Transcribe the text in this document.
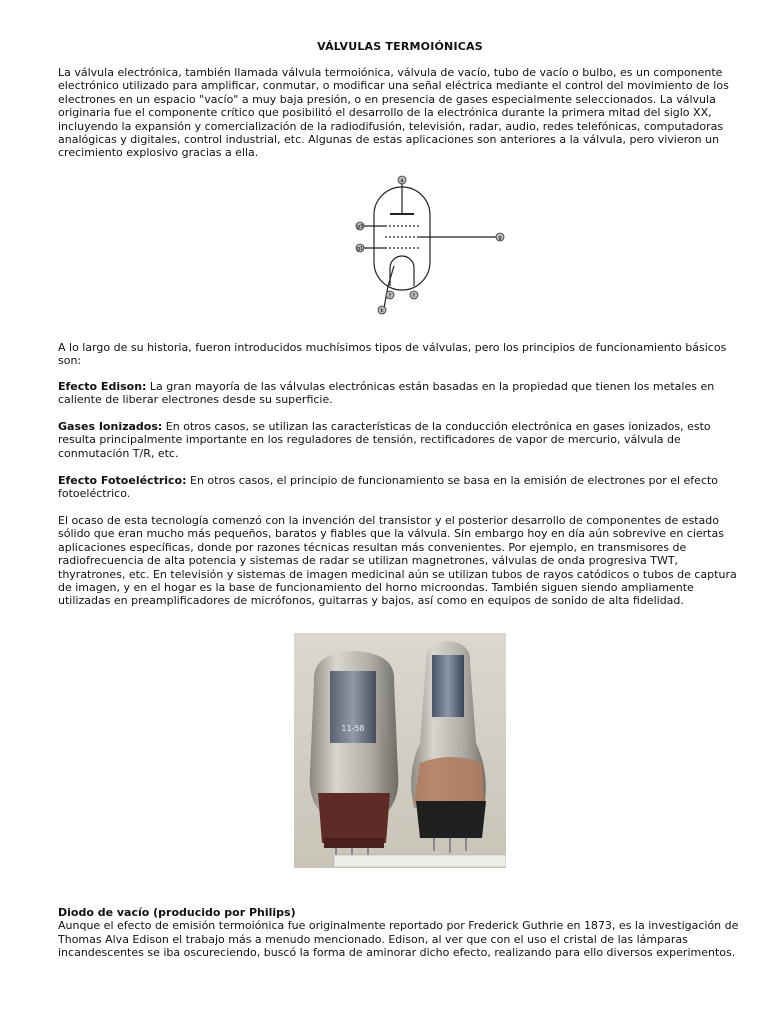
VÁLVULAS TERMOIÓNICAS

La válvula electrónica, también llamada válvula termoiónica, válvula de vacío, tubo de vacío o bulbo, es un componente electrónico utilizado para amplificar, conmutar, o modificar una señal eléctrica mediante el control del movimiento de los electrones en un espacio "vacío" a muy baja presión, o en presencia de gases especialmente seleccionados. La válvula originaria fue el componente crítico que posibilitó el desarrollo de la electrónica durante la primera mitad del siglo XX, incluyendo la expansión y comercialización de la radiodifusión, televisión, radar, audio, redes telefónicas, computadoras analógicas y digitales, control industrial, etc. Algunas de estas aplicaciones son anteriores a la válvula, pero vivieron un crecimiento explosivo gracias a ella.

a
g3
g1
g
f	f
k

A lo largo de su historia, fueron introducidos muchísimos tipos de válvulas, pero los principios de funcionamiento básicos son:

Efecto Edison: La gran mayoría de las válvulas electrónicas están basadas en la propiedad que tienen los metales en caliente de liberar electrones desde su superficie.

Gases Ionizados: En otros casos, se utilizan las características de la conducción electrónica en gases ionizados, esto resulta principalmente importante en los reguladores de tensión, rectificadores de vapor de mercurio, válvula de conmutación T/R, etc.

Efecto Fotoeléctrico: En otros casos, el principio de funcionamiento se basa en la emisión de electrones por el efecto fotoeléctrico.

El ocaso de esta tecnología comenzó con la invención del transistor y el posterior desarrollo de componentes de estado sólido que eran mucho más pequeños, baratos y fiables que la válvula. Sin embargo hoy en día aún sobrevive en ciertas aplicaciones específicas, donde por razones técnicas resultan más convenientes. Por ejemplo, en transmisores de radiofrecuencia de alta potencia y sistemas de radar se utilizan magnetrones, válvulas de onda progresiva TWT, thyratrones, etc. En televisión y sistemas de imagen medicinal aún se utilizan tubos de rayos catódicos o tubos de captura de imagen, y en el hogar es la base de funcionamiento del horno microondas. También siguen siendo ampliamente utilizadas en preamplificadores de micrófonos, guitarras y bajos, así como en equipos de sonido de alta fidelidad.

11-58

Diodo de vacío (producido por Philips)
Aunque el efecto de emisión termoiónica fue originalmente reportado por Frederick Guthrie en 1873, es la investigación de Thomas Alva Edison el trabajo más a menudo mencionado. Edison, al ver que con el uso el cristal de las lámparas incandescentes se iba oscureciendo, buscó la forma de aminorar dicho efecto, realizando para ello diversos experimentos.
